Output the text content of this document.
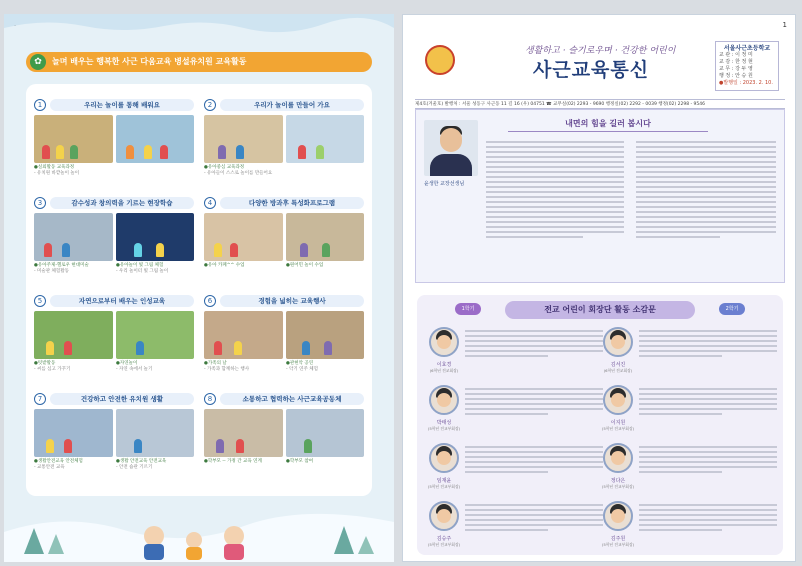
✿	놀며 배우는 행복한 사근 다움교육 병설유치원 교육활동
1	우리는 놀이를 통해 배워요
●실외활동 교육과정
- 유치원 바깥놀이 놀이
2	우리가 놀이를 만들어 가요
●유아중심 교육과정
- 유아들이 스스로 놀이를 만들어요
3	감수성과 창의력을 기르는 현장학습
●유아주제-헬로우 현대미술
- 미술관 체험활동
●유아놀이 빛 그림 체험
- 우리 놀이터 빛 그림 놀이
4	다양한 방과후 특성화프로그램
●유아 카페^^ 수업	●원어민 놀이 수업
5	자연으로부터 배우는 인성교육
●텃밭활동
- 씨를 심고 가꾸기
●자연놀이
- 자연 속에서 놀기
6	경험을 넓히는 교육행사
●가족의 날
- 가족과 함께하는 행사
●관현악 공연
- 악기 연주 체험
7	건강하고 안전한 유치원 생활
●생활안전교육 안전체험
- 교통안전 교육
●생활 안전교육 안전교육
- 안전 습관 기르기
8	소통하고 협력하는 사근교육공동체
●학부모 -- 가정 간 교육 연계	●학부모 참여
1
생활하고 · 슬기로우며 · 건강한 어린이
사근교육통신
서울사근초등학교
교 관 : 이 정 미
교 감 : 한 정 현
교 무 : 강 두 영
행 정 : 안 승 원
●발행일 : 2023. 2. 10.
제4호(겨울호) 발행처 : 서울 성동구 사근동 11 길 16 (우) 04751 ☎ 교무실(02) 2293 - 9690 행정실(02) 2292 - 0039 행정(02) 2298 - 9546
윤생한 교장선생님
내면의 힘을 길러 봅시다
1학기	전교 어린이 회장단 활동 소감문	2학기
이효경
(6학년 전교회장)
김서진
(6학년 전교회장)
박태성
(5학년 전교부회장)
이지원
(5학년 전교부회장)
임재윤
(5학년 전교부회장)
정다은
(5학년 전교부회장)
김승주
(5학년 전교부회장)
김주원
(5학년 전교부회장)
